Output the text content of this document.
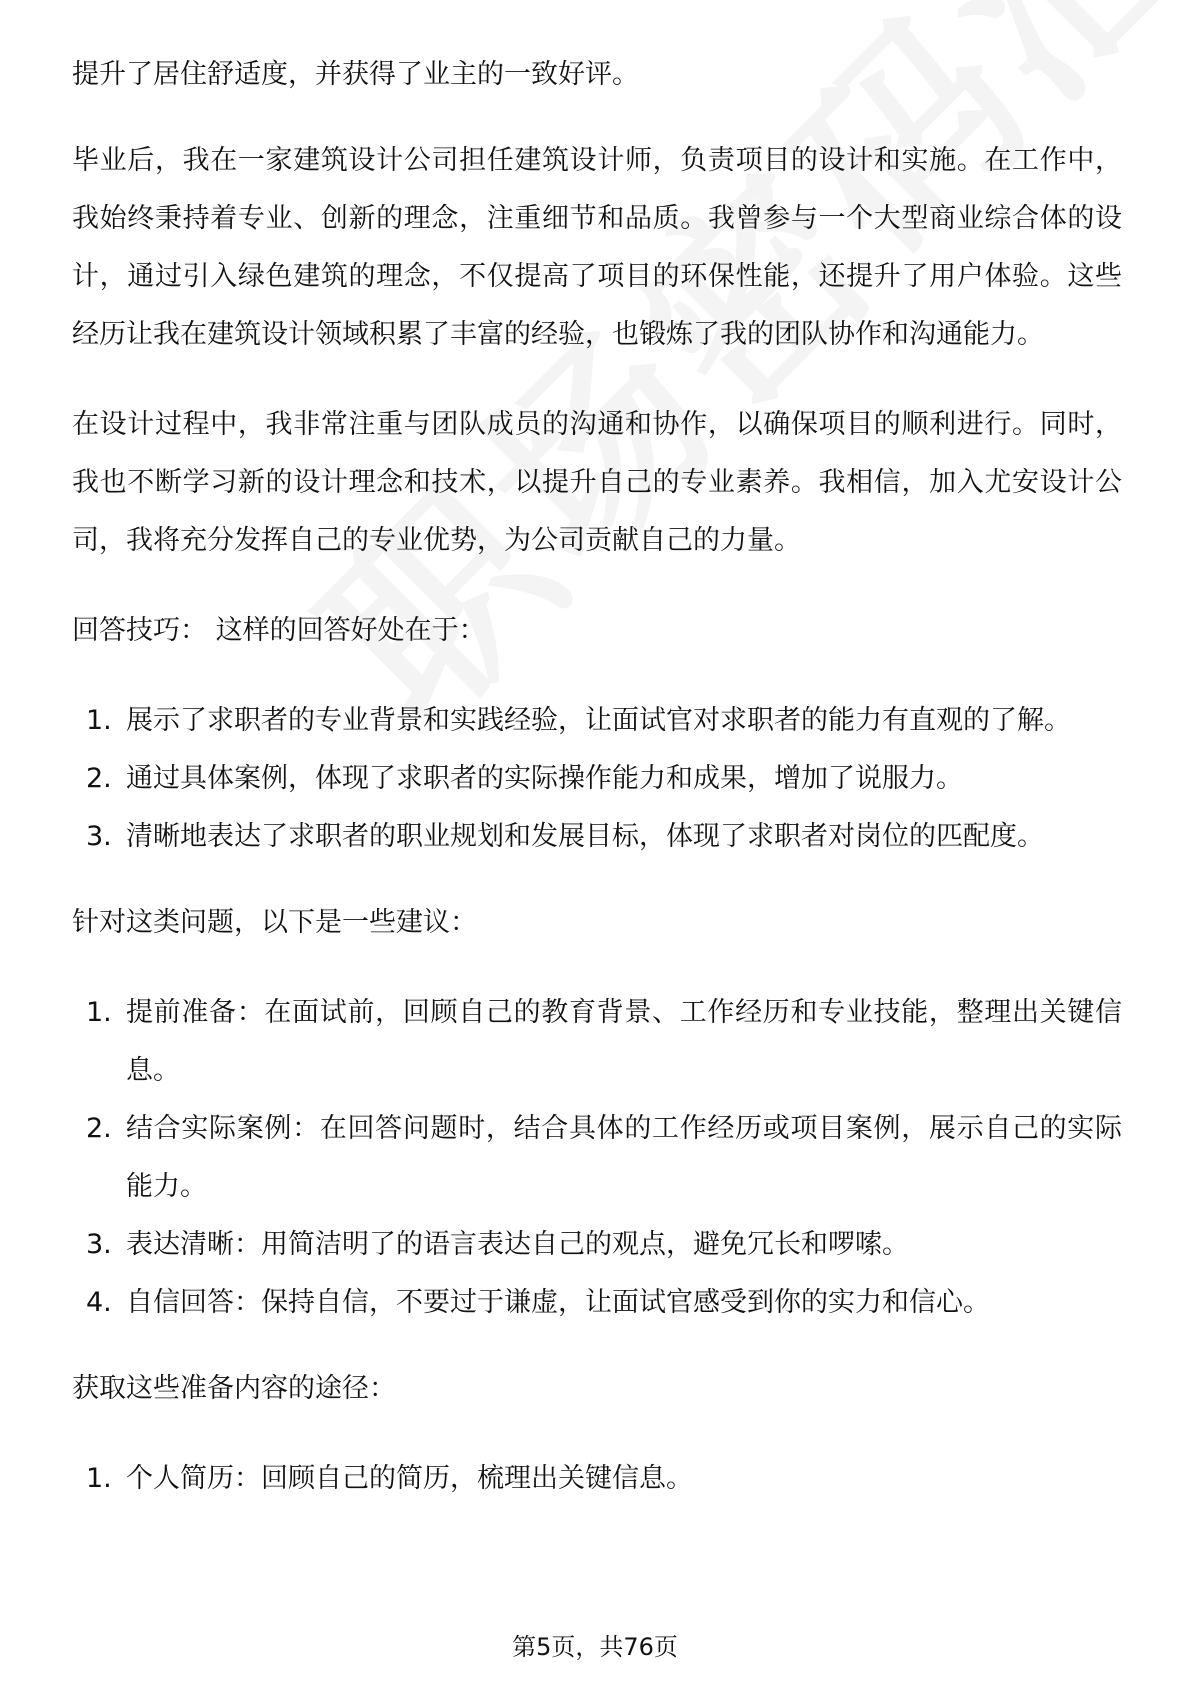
提升了居住舒适度，并获得了业主的一致好评。

毕业后，我在一家建筑设计公司担任建筑设计师，负责项目的设计和实施。在工作中，我始终秉持着专业、创新的理念，注重细节和品质。我曾参与一个大型商业综合体的设计，通过引入绿色建筑的理念，不仅提高了项目的环保性能，还提升了用户体验。这些经历让我在建筑设计领域积累了丰富的经验，也锻炼了我的团队协作和沟通能力。

在设计过程中，我非常注重与团队成员的沟通和协作，以确保项目的顺利进行。同时，我也不断学习新的设计理念和技术，以提升自己的专业素养。我相信，加入尤安设计公司，我将充分发挥自己的专业优势，为公司贡献自己的力量。

回答技巧： 这样的回答好处在于：

1. 展示了求职者的专业背景和实践经验，让面试官对求职者的能力有直观的了解。
2. 通过具体案例，体现了求职者的实际操作能力和成果，增加了说服力。
3. 清晰地表达了求职者的职业规划和发展目标，体现了求职者对岗位的匹配度。

针对这类问题，以下是一些建议：

1. 提前准备：在面试前，回顾自己的教育背景、工作经历和专业技能，整理出关键信息。
2. 结合实际案例：在回答问题时，结合具体的工作经历或项目案例，展示自己的实际能力。
3. 表达清晰：用简洁明了的语言表达自己的观点，避免冗长和啰嗦。
4. 自信回答：保持自信，不要过于谦虚，让面试官感受到你的实力和信心。

获取这些准备内容的途径：

1. 个人简历：回顾自己的简历，梳理出关键信息。
第5页，共76页
